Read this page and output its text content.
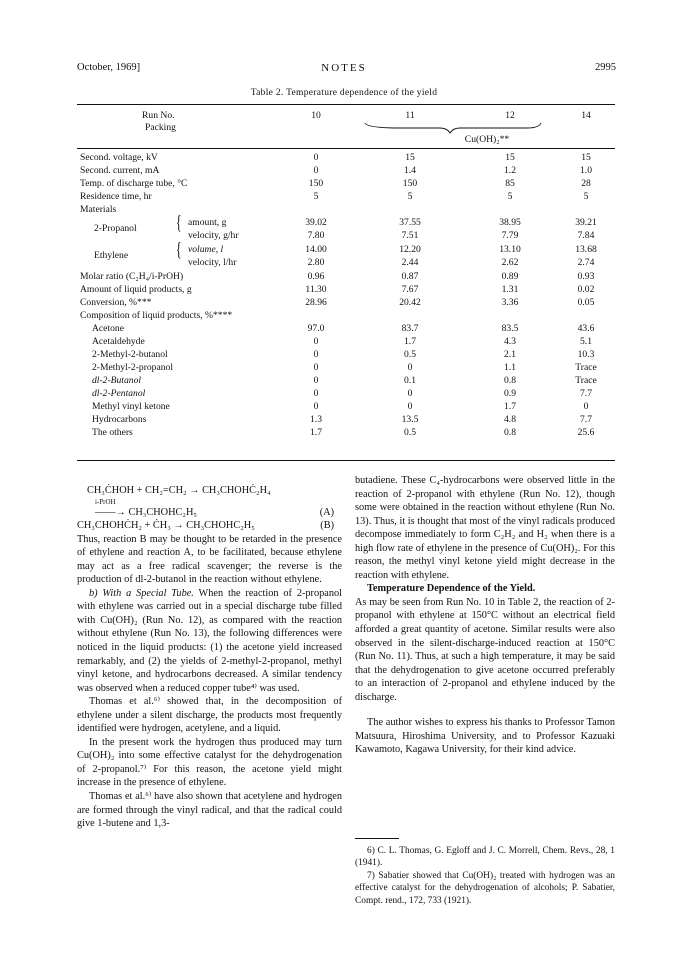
October, 1969]	NOTES	2995
Table 2. Temperature dependence of the yield
Run No.	10	11	12	14
Packing
Cu(OH)₂**
Second. voltage, kV	0	15	15	15
Second. current, mA	0	1.4	1.2	1.0
Temp. of discharge tube, °C	150	150	85	28
Residence time, hr	5	5	5	5
Materials
2-Propanol { amount, g	39.02	37.55	38.95	39.21
velocity, g/hr	7.80	7.51	7.79	7.84
Ethylene { volume, l	14.00	12.20	13.10	13.68
velocity, l/hr	2.80	2.44	2.62	2.74
Molar ratio (C₂H₄/i-PrOH)	0.96	0.87	0.89	0.93
Amount of liquid products, g	11.30	7.67	1.31	0.02
Conversion, %***	28.96	20.42	3.36	0.05
Composition of liquid products, %****
Acetone	97.0	83.7	83.5	43.6
Acetaldehyde	0	1.7	4.3	5.1
2-Methyl-2-butanol	0	0.5	2.1	10.3
2-Methyl-2-propanol	0	0	1.1	Trace
dl-2-Butanol	0	0.1	0.8	Trace
dl-2-Pentanol	0	0	0.9	7.7
Methyl vinyl ketone	0	0	1.7	0
Hydrocarbons	1.3	13.5	4.8	7.7
The others	1.7	0.5	0.8	25.6

CH₃ĊHOH + CH₂=CH₂ → CH₃CHOHĊ₂H₄

i-PrOH

——→ CH₃CHOHC₂H₅	(A)

CH₃CHOHĊH₂ + ĊH₃ → CH₃CHOHC₂H₅	(B)

Thus, reaction B may be thought to be retarded in the presence of ethylene and reaction A, to be facilitated, because ethylene may act as a free radical scavenger; the reverse is the production of dl-2-butanol in the reaction without ethylene.

b) With a Special Tube. When the reaction of 2-propanol with ethylene was carried out in a special discharge tube filled with Cu(OH)₂ (Run No. 12), as compared with the reaction without ethylene (Run No. 13), the following differences were noticed in the liquid products: (1) the acetone yield increased remarkably, and (2) the yields of 2-methyl-2-propanol, methyl vinyl ketone, and hydrocarbons decreased. A similar tendency was observed when a reduced copper tube⁴⁾ was used.

Thomas et al.⁶⁾ showed that, in the decomposition of ethylene under a silent discharge, the products most frequently identified were hydrogen, acetylene, and a liquid.

In the present work the hydrogen thus produced may turn Cu(OH)₂ into some effective catalyst for the dehydrogenation of 2-propanol.⁷⁾ For this reason, the acetone yield might increase in the presence of ethylene.

Thomas et al.⁶⁾ have also shown that acetylene and hydrogen are formed through the vinyl radical, and that the radical could give 1-butene and 1,3-

butadiene. These C₄-hydrocarbons were observed little in the reaction of 2-propanol with ethylene (Run No. 12), though some were obtained in the reaction without ethylene (Run No. 13). Thus, it is thought that most of the vinyl radicals produced decompose immediately to form C₂H₂ and H₂ when there is a high flow rate of ethylene in the presence of Cu(OH)₂. For this reason, the methyl vinyl ketone yield might decrease in the reaction with ethylene.

Temperature Dependence of the Yield.

As may be seen from Run No. 10 in Table 2, the reaction of 2-propanol with ethylene at 150°C without an electrical field afforded a great quantity of acetone. Similar results were also observed in the silent-discharge-induced reaction at 150°C (Run No. 11). Thus, at such a high temperature, it may be said that the dehydrogenation to give acetone occurred preferably to an interaction of 2-propanol and ethylene induced by the discharge.

The author wishes to express his thanks to Professor Tamon Matsuura, Hiroshima University, and to Professor Kazuaki Kawamoto, Kagawa University, for their kind advice.

6) C. L. Thomas, G. Egloff and J. C. Morrell, Chem. Revs., 28, 1 (1941).

7) Sabatier showed that Cu(OH)₂ treated with hydrogen was an effective catalyst for the dehydrogenation of alcohols; P. Sabatier, Compt. rend., 172, 733 (1921).
